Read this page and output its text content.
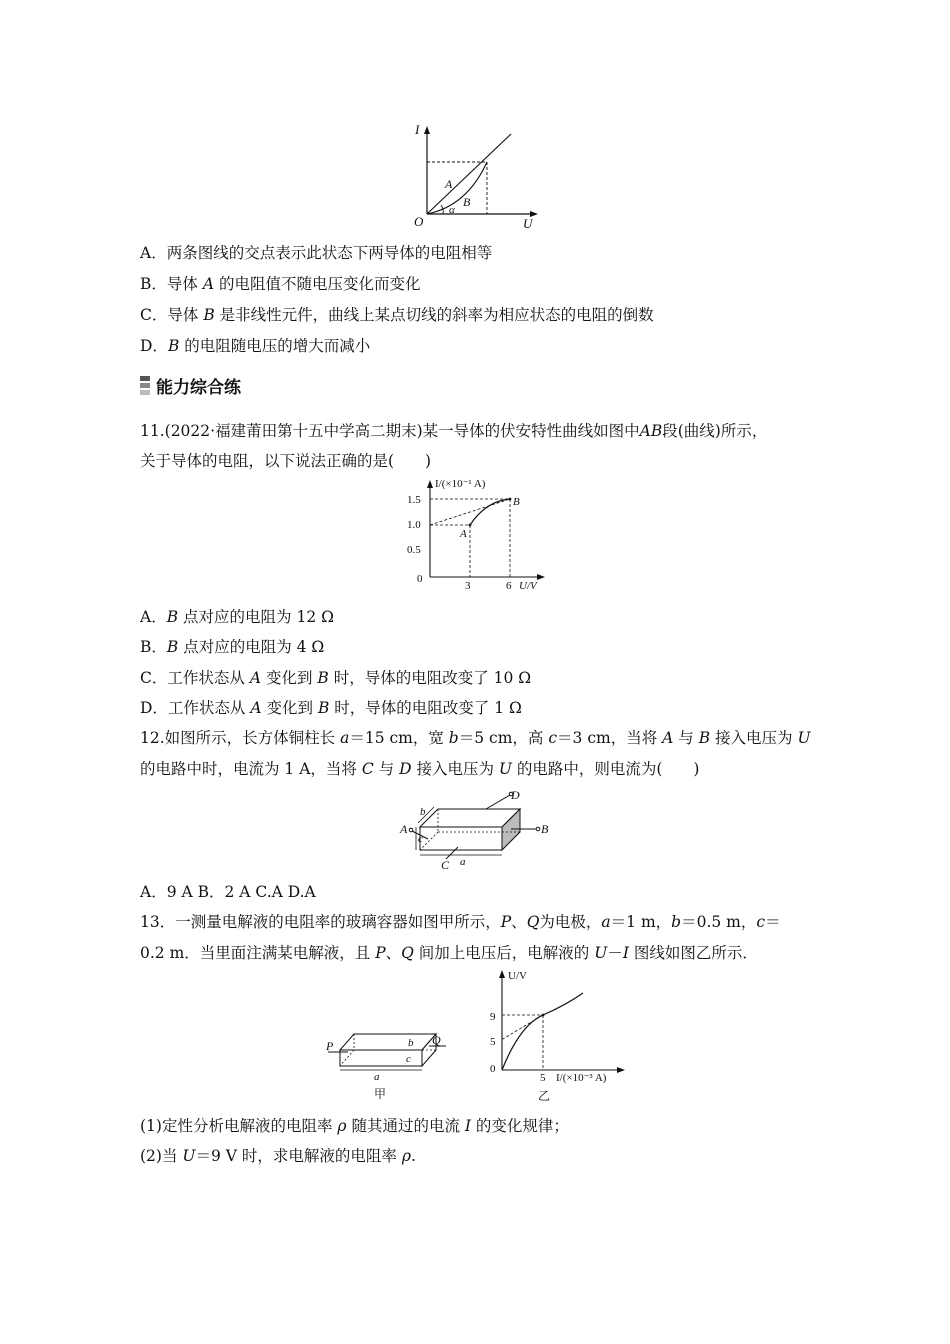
I
U
O
A
B
α
A．两条图线的交点表示此状态下两导体的电阻相等
B．导体 A 的电阻值不随电压变化而变化
C．导体 B 是非线性元件，曲线上某点切线的斜率为相应状态的电阻的倒数
D．B 的电阻随电压的增大而减小
能力综合练
11.(2022·福建莆田第十五中学高二期末)某一导体的伏安特性曲线如图中AB段(曲线)所示，
关于导体的电阻，以下说法正确的是(　　)
I/(×10⁻¹ A)
U/V
1.5
1.0
0.5
0
3	6
A
B
A．B 点对应的电阻为 12 Ω
B．B 点对应的电阻为 4 Ω
C．工作状态从 A 变化到 B 时，导体的电阻改变了 10 Ω
D．工作状态从 A 变化到 B 时，导体的电阻改变了 1 Ω
12.如图所示，长方体铜柱长 a＝15 cm，宽 b＝5 cm，高 c＝3 cm，当将 A 与 B 接入电压为 U
的电路中时，电流为 1 A，当将 C 与 D 接入电压为 U 的电路中，则电流为(　　)
A	B
C
D
a
b
c
A．9 A B．2 A C.A D.A
13．一测量电解液的电阻率的玻璃容器如图甲所示，P、Q为电极，a＝1 m，b＝0.5 m，c＝
0.2 m．当里面注满某电解液，且 P、Q 间加上电压后，电解液的 U－I 图线如图乙所示．
P	Q
b
c
a
甲
U/V
I/(×10⁻³ A)
9
5
0
5
乙
(1)定性分析电解液的电阻率 ρ 随其通过的电流 I 的变化规律；
(2)当 U＝9 V 时，求电解液的电阻率 ρ.
